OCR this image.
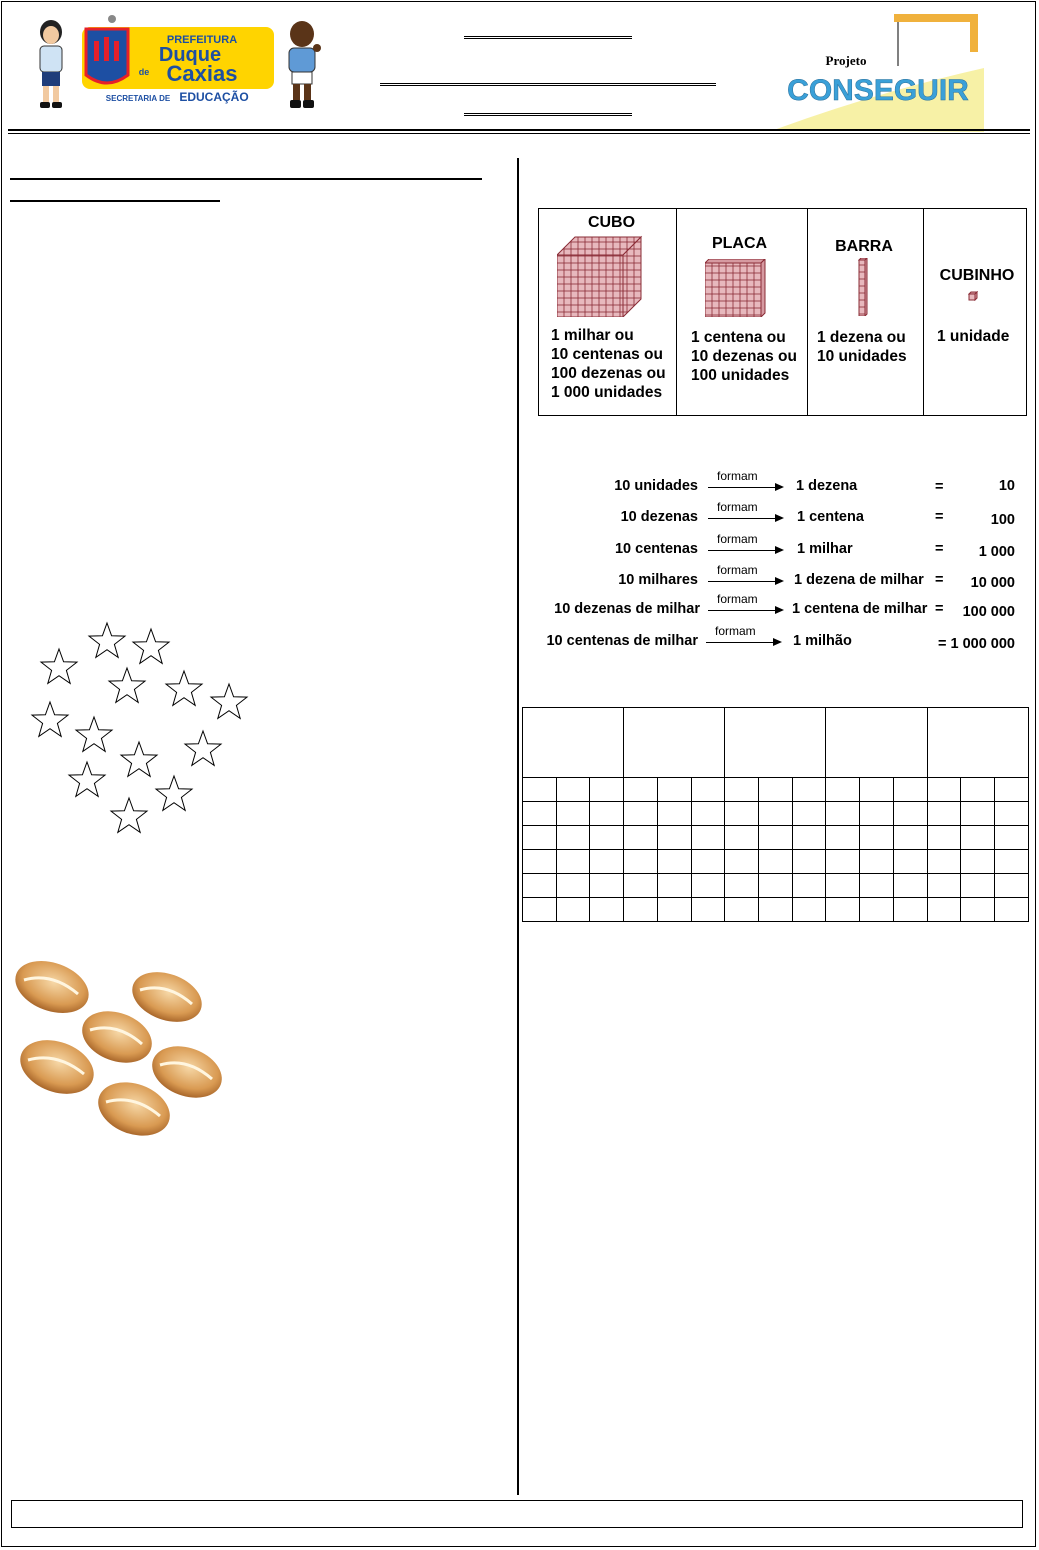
PREFEITURA
Duque
de Caxias
SECRETARIA DE EDUCAÇÃO
Projeto
CONSEGUIR
CUBO
1 milhar ou
10 centenas ou
100 dezenas ou
1 000 unidades
PLACA
1 centena ou
10 dezenas ou
100 unidades
BARRA
1 dezena ou
10 unidades
CUBINHO
1 unidade
10 unidades
formam
1 dezena	=	10
10 dezenas
formam
1 centena	=	100
10 centenas
formam
1 milhar	= 1 000
10 milhares
formam
1 dezena de milhar = 10 000
10 dezenas de milhar
formam
1 centena de milhar = 100 000
10 centenas de milhar
formam
1 milhão	= 1 000 000
